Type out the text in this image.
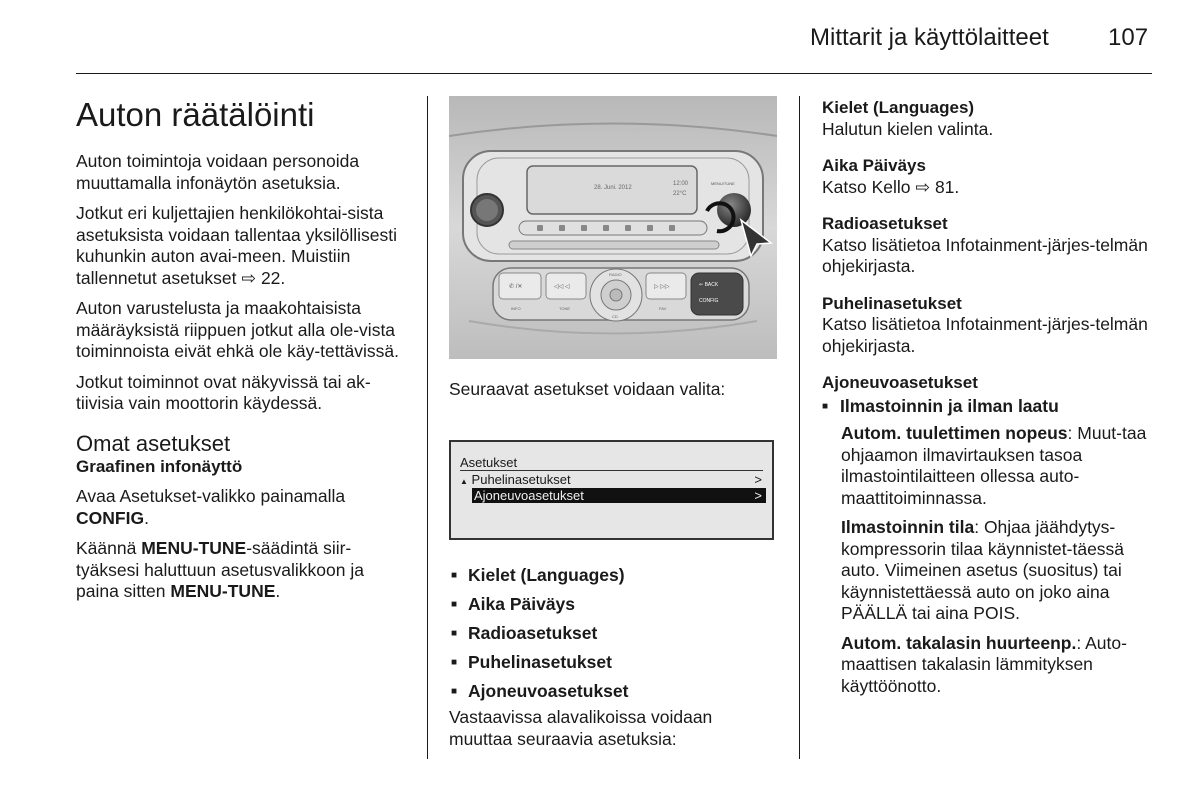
Mittarit ja käyttölaitteet 107
Auton räätälöinti

Auton toimintoja voidaan personoida muuttamalla infonäytön asetuksia.

Jotkut eri kuljettajien henkilökohtai-sista asetuksista voidaan tallentaa yksilöllisesti kuhunkin auton avai-meen. Muistiin tallennetut asetukset ⇨ 22.

Auton varustelusta ja maakohtaisista määräyksistä riippuen jotkut alla ole-vista toiminnoista eivät ehkä ole käy-tettävissä.

Jotkut toiminnot ovat näkyvissä tai ak-tiivisia vain moottorin käydessä.

Omat asetukset
Graafinen infonäyttö

Avaa Asetukset-valikko painamalla CONFIG.

Käännä MENU-TUNE-säädintä siir-tyäksesi haluttuun asetusvalikkoon ja paina sitten MENU-TUNE.

28. Juni. 2012
12:00
22°C
MENU/TUNE
✆ /✕	◁◁ ◁	▷ ▷▷	⇐ BACK
CONFIG
RADIO
INFO	TONE	FAV
CD
Seuraavat asetukset voidaan valita:
Asetukset
▲ Puhelinasetukset	>
Ajoneuvoasetukset	>
■ Kielet (Languages)
■ Aika Päiväys
■ Radioasetukset
■ Puhelinasetukset
■ Ajoneuvoasetukset
Vastaavissa alavalikoissa voidaan muuttaa seuraavia asetuksia:

Kielet (Languages)

Halutun kielen valinta.

Aika Päiväys

Katso Kello ⇨ 81.

Radioasetukset

Katso lisätietoa Infotainment-järjes-telmän ohjekirjasta.

Puhelinasetukset

Katso lisätietoa Infotainment-järjes-telmän ohjekirjasta.

Ajoneuvoasetukset

■ Ilmastoinnin ja ilman laatu

Autom. tuulettimen nopeus: Muut-taa ohjaamon ilmavirtauksen tasoa ilmastointilaitteen ollessa auto-maattitoiminnassa.

Ilmastoinnin tila: Ohjaa jäähdytys-kompressorin tilaa käynnistet-täessä auto. Viimeinen asetus (suositus) tai käynnistettäessä auto on joko aina PÄÄLLÄ tai aina POIS.

Autom. takalasin huurteenp.: Auto-maattisen takalasin lämmityksen käyttöönotto.
